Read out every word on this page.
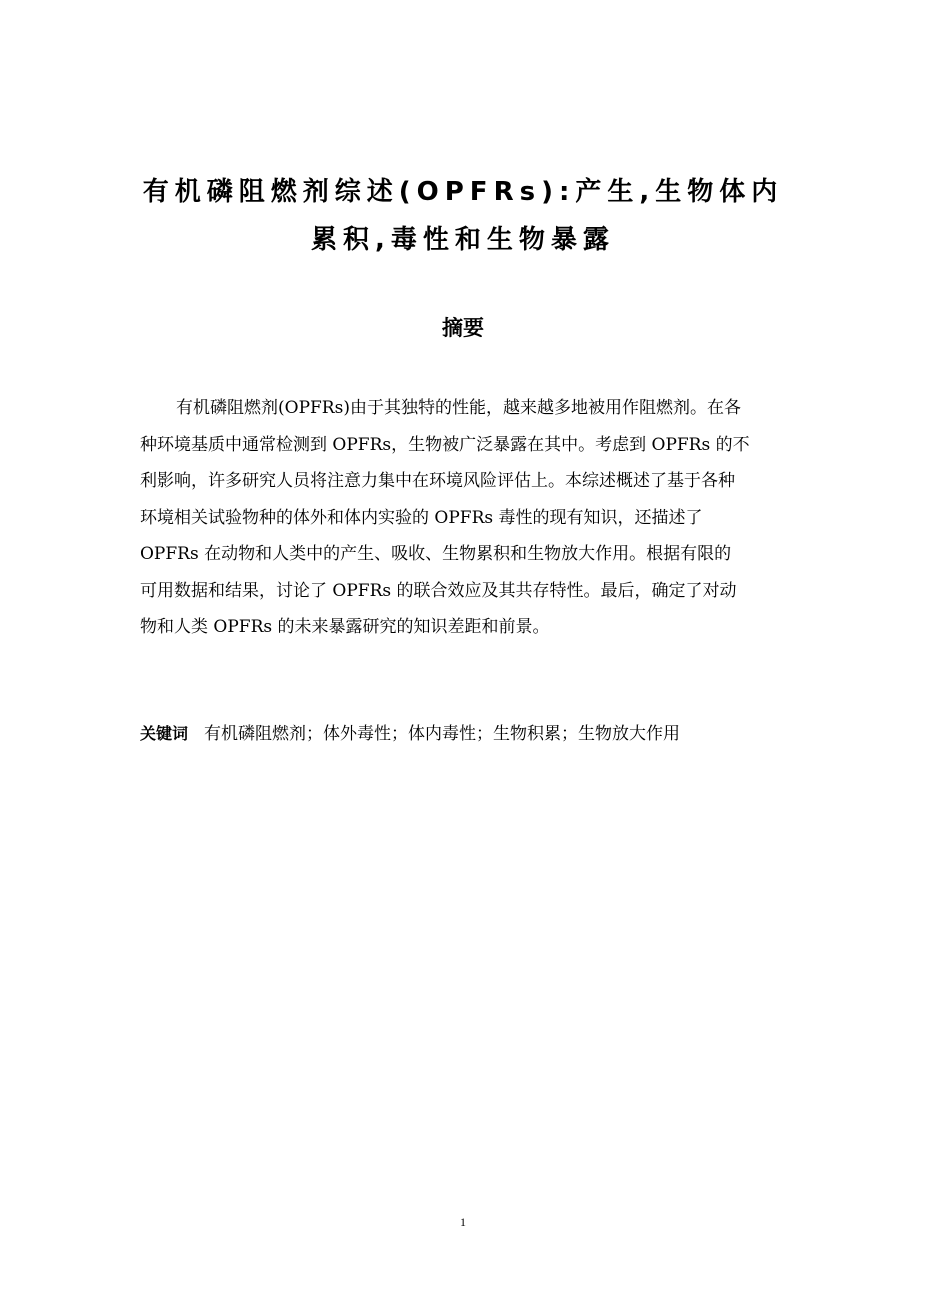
有机磷阻燃剂综述(OPFRs):产生,生物体内
累积,毒性和生物暴露
摘要

有机磷阻燃剂(OPFRs)由于其独特的性能，越来越多地被用作阻燃剂。在各
种环境基质中通常检测到 OPFRs，生物被广泛暴露在其中。考虑到 OPFRs 的不
利影响，许多研究人员将注意力集中在环境风险评估上。本综述概述了基于各种
环境相关试验物种的体外和体内实验的 OPFRs 毒性的现有知识，还描述了
OPFRs 在动物和人类中的产生、吸收、生物累积和生物放大作用。根据有限的
可用数据和结果，讨论了 OPFRs 的联合效应及其共存特性。最后，确定了对动
物和人类 OPFRs 的未来暴露研究的知识差距和前景。

关键词 有机磷阻燃剂；体外毒性；体内毒性；生物积累；生物放大作用
1
